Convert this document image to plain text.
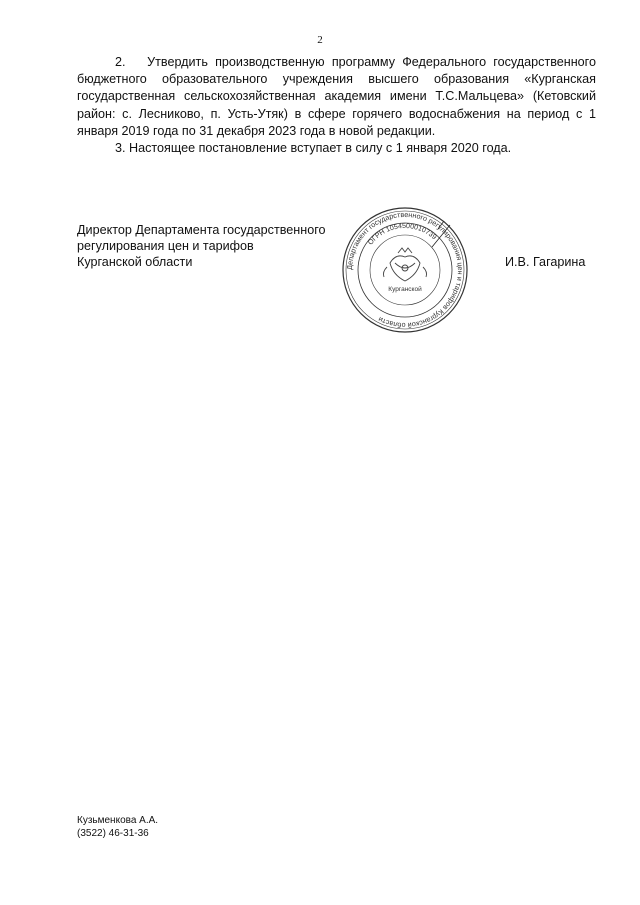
2

2.   Утвердить производственную программу Федерального государственного бюджетного образовательного учреждения высшего образования «Курганская государственная сельскохозяйственная академия имени Т.С.Мальцева» (Кетовский район: с. Лесниково, п. Усть-Утяк) в сфере горячего водоснабжения на период с 1 января 2019 года по 31 декабря 2023 года в новой редакции.

3. Настоящее постановление вступает в силу с 1 января 2020 года.

Директор Департамента государственного
регулирования цен и тарифов
Курганской области	Департамент государственного регулирования цен и тарифов Курганской области
ОГРН 1054500010739
Курганской
И.В. Гагарина
Кузьменкова А.А.
(3522) 46-31-36
